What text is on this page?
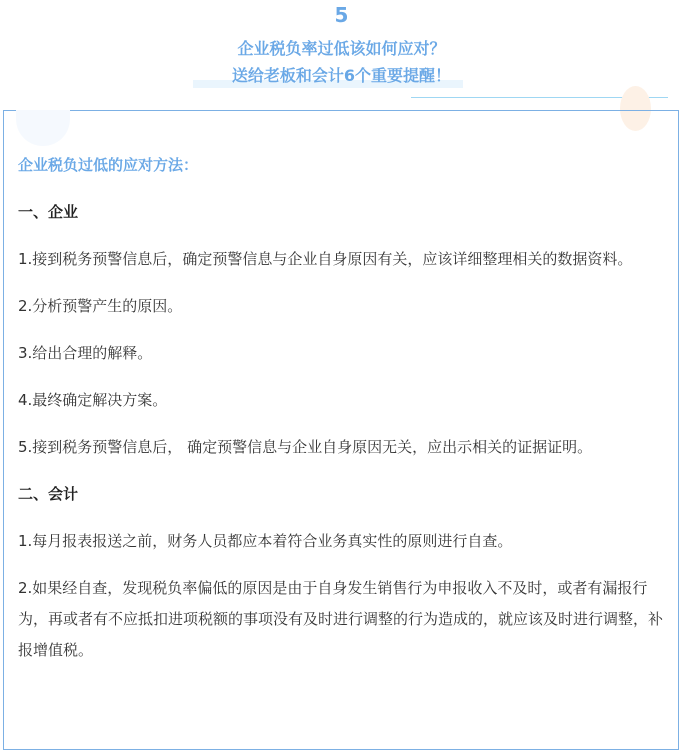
5
企业税负率过低该如何应对？
送给老板和会计6个重要提醒！

企业税负过低的应对方法：

一、企业

1.接到税务预警信息后，确定预警信息与企业自身原因有关，应该详细整理相关的数据资料。

2.分析预警产生的原因。

3.给出合理的解释。

4.最终确定解决方案。

5.接到税务预警信息后， 确定预警信息与企业自身原因无关，应出示相关的证据证明。

二、会计

1.每月报表报送之前，财务人员都应本着符合业务真实性的原则进行自查。

2.如果经自查，发现税负率偏低的原因是由于自身发生销售行为申报收入不及时，或者有漏报行为，再或者有不应抵扣进项税额的事项没有及时进行调整的行为造成的，就应该及时进行调整，补报增值税。
